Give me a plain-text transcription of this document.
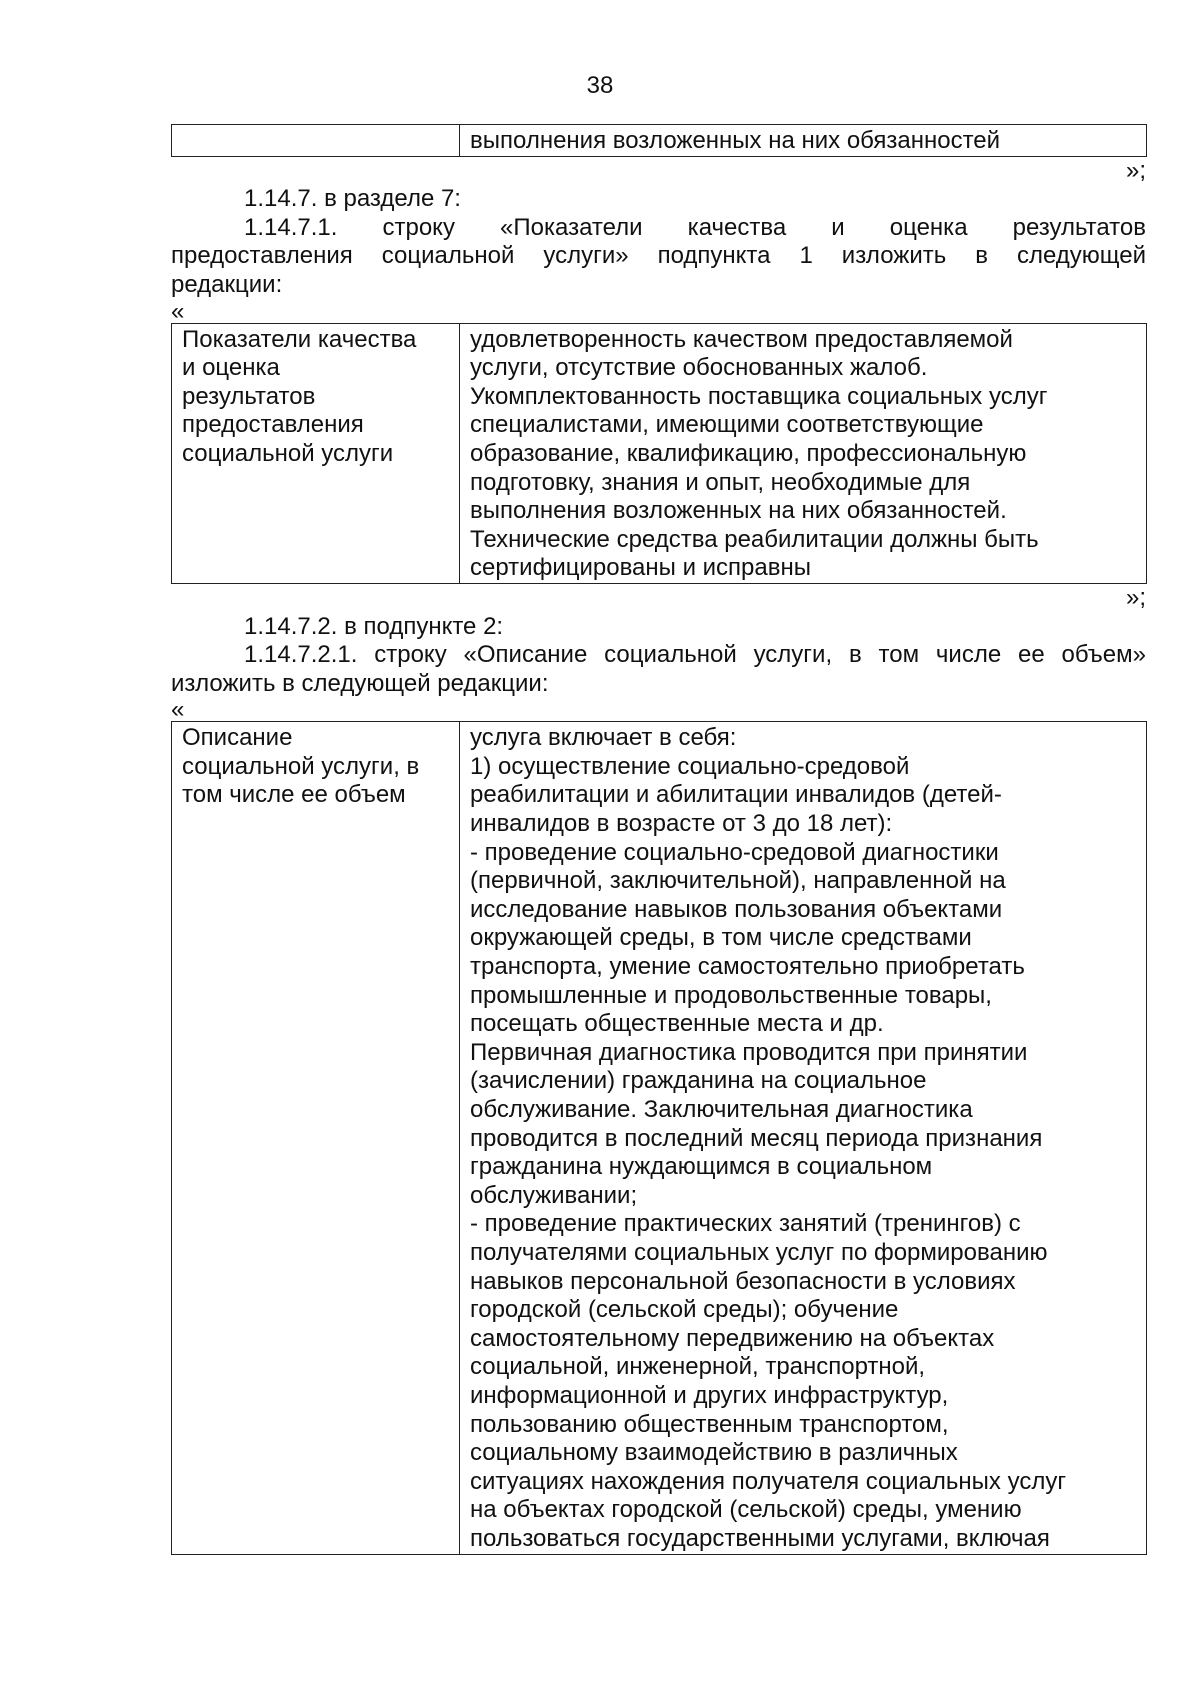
38

выполнения возложенных на них обязанностей
»;
1.14.7. в разделе 7:
1.14.7.1. строку «Показатели качества и оценка результатов
предоставления социальной услуги» подпункта 1 изложить в следующей
редакции:
«
Показатели качества
и оценка
результатов
предоставления
социальной услуги

удовлетворенность качеством предоставляемой
услуги, отсутствие обоснованных жалоб.
Укомплектованность поставщика социальных услуг
специалистами, имеющими соответствующие
образование, квалификацию, профессиональную
подготовку, знания и опыт, необходимые для
выполнения возложенных на них обязанностей.
Технические средства реабилитации должны быть
сертифицированы и исправны
»;
1.14.7.2. в подпункте 2:
1.14.7.2.1. строку «Описание социальной услуги, в том числе ее объем»
изложить в следующей редакции:
«
Описание
социальной услуги, в
том числе ее объем

услуга включает в себя:
1) осуществление социально-средовой
реабилитации и абилитации инвалидов (детей-
инвалидов в возрасте от 3 до 18 лет):
- проведение социально-средовой диагностики
(первичной, заключительной), направленной на
исследование навыков пользования объектами
окружающей среды, в том числе средствами
транспорта, умение самостоятельно приобретать
промышленные и продовольственные товары,
посещать общественные места и др.
Первичная диагностика проводится при принятии
(зачислении) гражданина на социальное
обслуживание. Заключительная диагностика
проводится в последний месяц периода признания
гражданина нуждающимся в социальном
обслуживании;
- проведение практических занятий (тренингов) с
получателями социальных услуг по формированию
навыков персональной безопасности в условиях
городской (сельской среды); обучение
самостоятельному передвижению на объектах
социальной, инженерной, транспортной,
информационной и других инфраструктур,
пользованию общественным транспортом,
социальному взаимодействию в различных
ситуациях нахождения получателя социальных услуг
на объектах городской (сельской) среды, умению
пользоваться государственными услугами, включая
